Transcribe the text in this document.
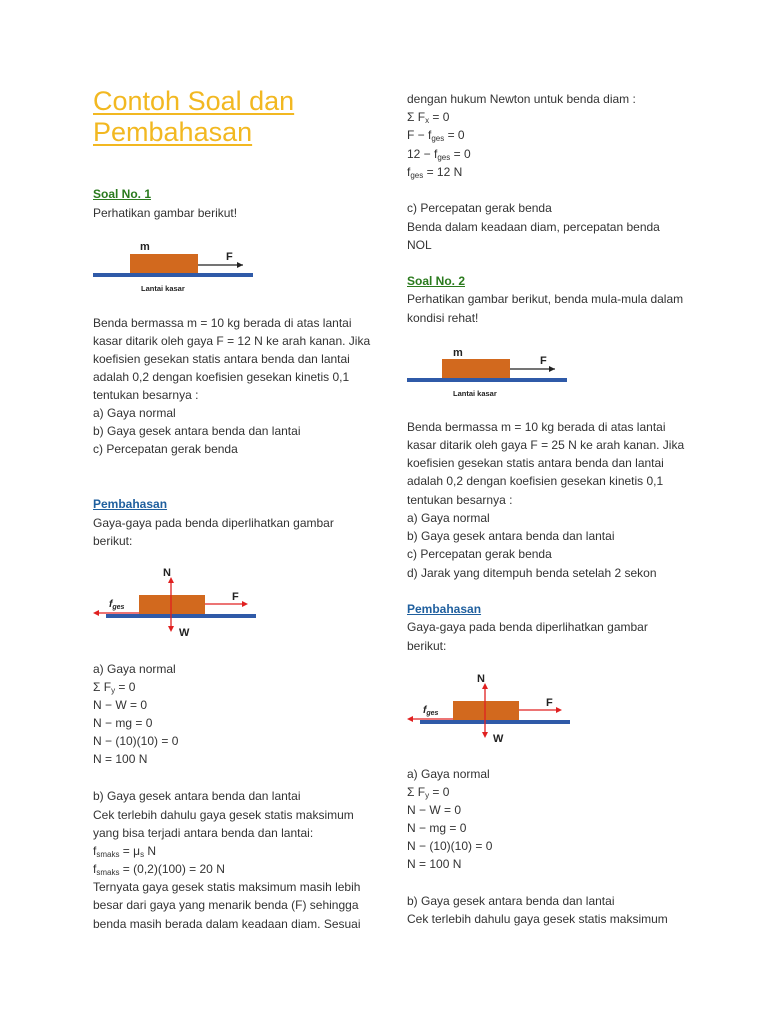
Contoh Soal dan
Pembahasan
Soal No. 1
Perhatikan gambar berikut!
m
F
Lantai kasar
Benda bermassa m = 10 kg berada di atas lantai
kasar ditarik oleh gaya F = 12 N ke arah kanan. Jika
koefisien gesekan statis antara benda dan lantai
adalah 0,2 dengan koefisien gesekan kinetis 0,1
tentukan besarnya :
a) Gaya normal
b) Gaya gesek antara benda dan lantai
c) Percepatan gerak benda
Pembahasan
Gaya-gaya pada benda diperlihatkan gambar
berikut:
N
F
W
$f_{ges}$
a) Gaya normal
Σ $F_y = 0$
N − W = 0
N − mg = 0
N − (10)(10) = 0
N = 100 N
b) Gaya gesek antara benda dan lantai
Cek terlebih dahulu gaya gesek statis maksimum
yang bisa terjadi antara benda dan lantai:
$f_{smaks} = \mu_s$ N
$f_{smaks} = (0,2)(100) = 20$ N
Ternyata gaya gesek statis maksimum masih lebih
besar dari gaya yang menarik benda (F) sehingga
benda masih berada dalam keadaan diam. Sesuai
dengan hukum Newton untuk benda diam :
Σ $F_x = 0$
$F - f_{ges} = 0$
$12 - f_{ges} = 0$
$f_{ges} = 12$ N
c) Percepatan gerak benda
Benda dalam keadaan diam, percepatan benda
NOL
Soal No. 2
Perhatikan gambar berikut, benda mula-mula dalam
kondisi rehat!
m
F
Lantai kasar
Benda bermassa m = 10 kg berada di atas lantai
kasar ditarik oleh gaya F = 25 N ke arah kanan. Jika
koefisien gesekan statis antara benda dan lantai
adalah 0,2 dengan koefisien gesekan kinetis 0,1
tentukan besarnya :
a) Gaya normal
b) Gaya gesek antara benda dan lantai
c) Percepatan gerak benda
d) Jarak yang ditempuh benda setelah 2 sekon
Pembahasan
Gaya-gaya pada benda diperlihatkan gambar
berikut:
N
F
W
$f_{ges}$
a) Gaya normal
Σ $F_y = 0$
N − W = 0
N − mg = 0
N − (10)(10) = 0
N = 100 N
b) Gaya gesek antara benda dan lantai
Cek terlebih dahulu gaya gesek statis maksimum
